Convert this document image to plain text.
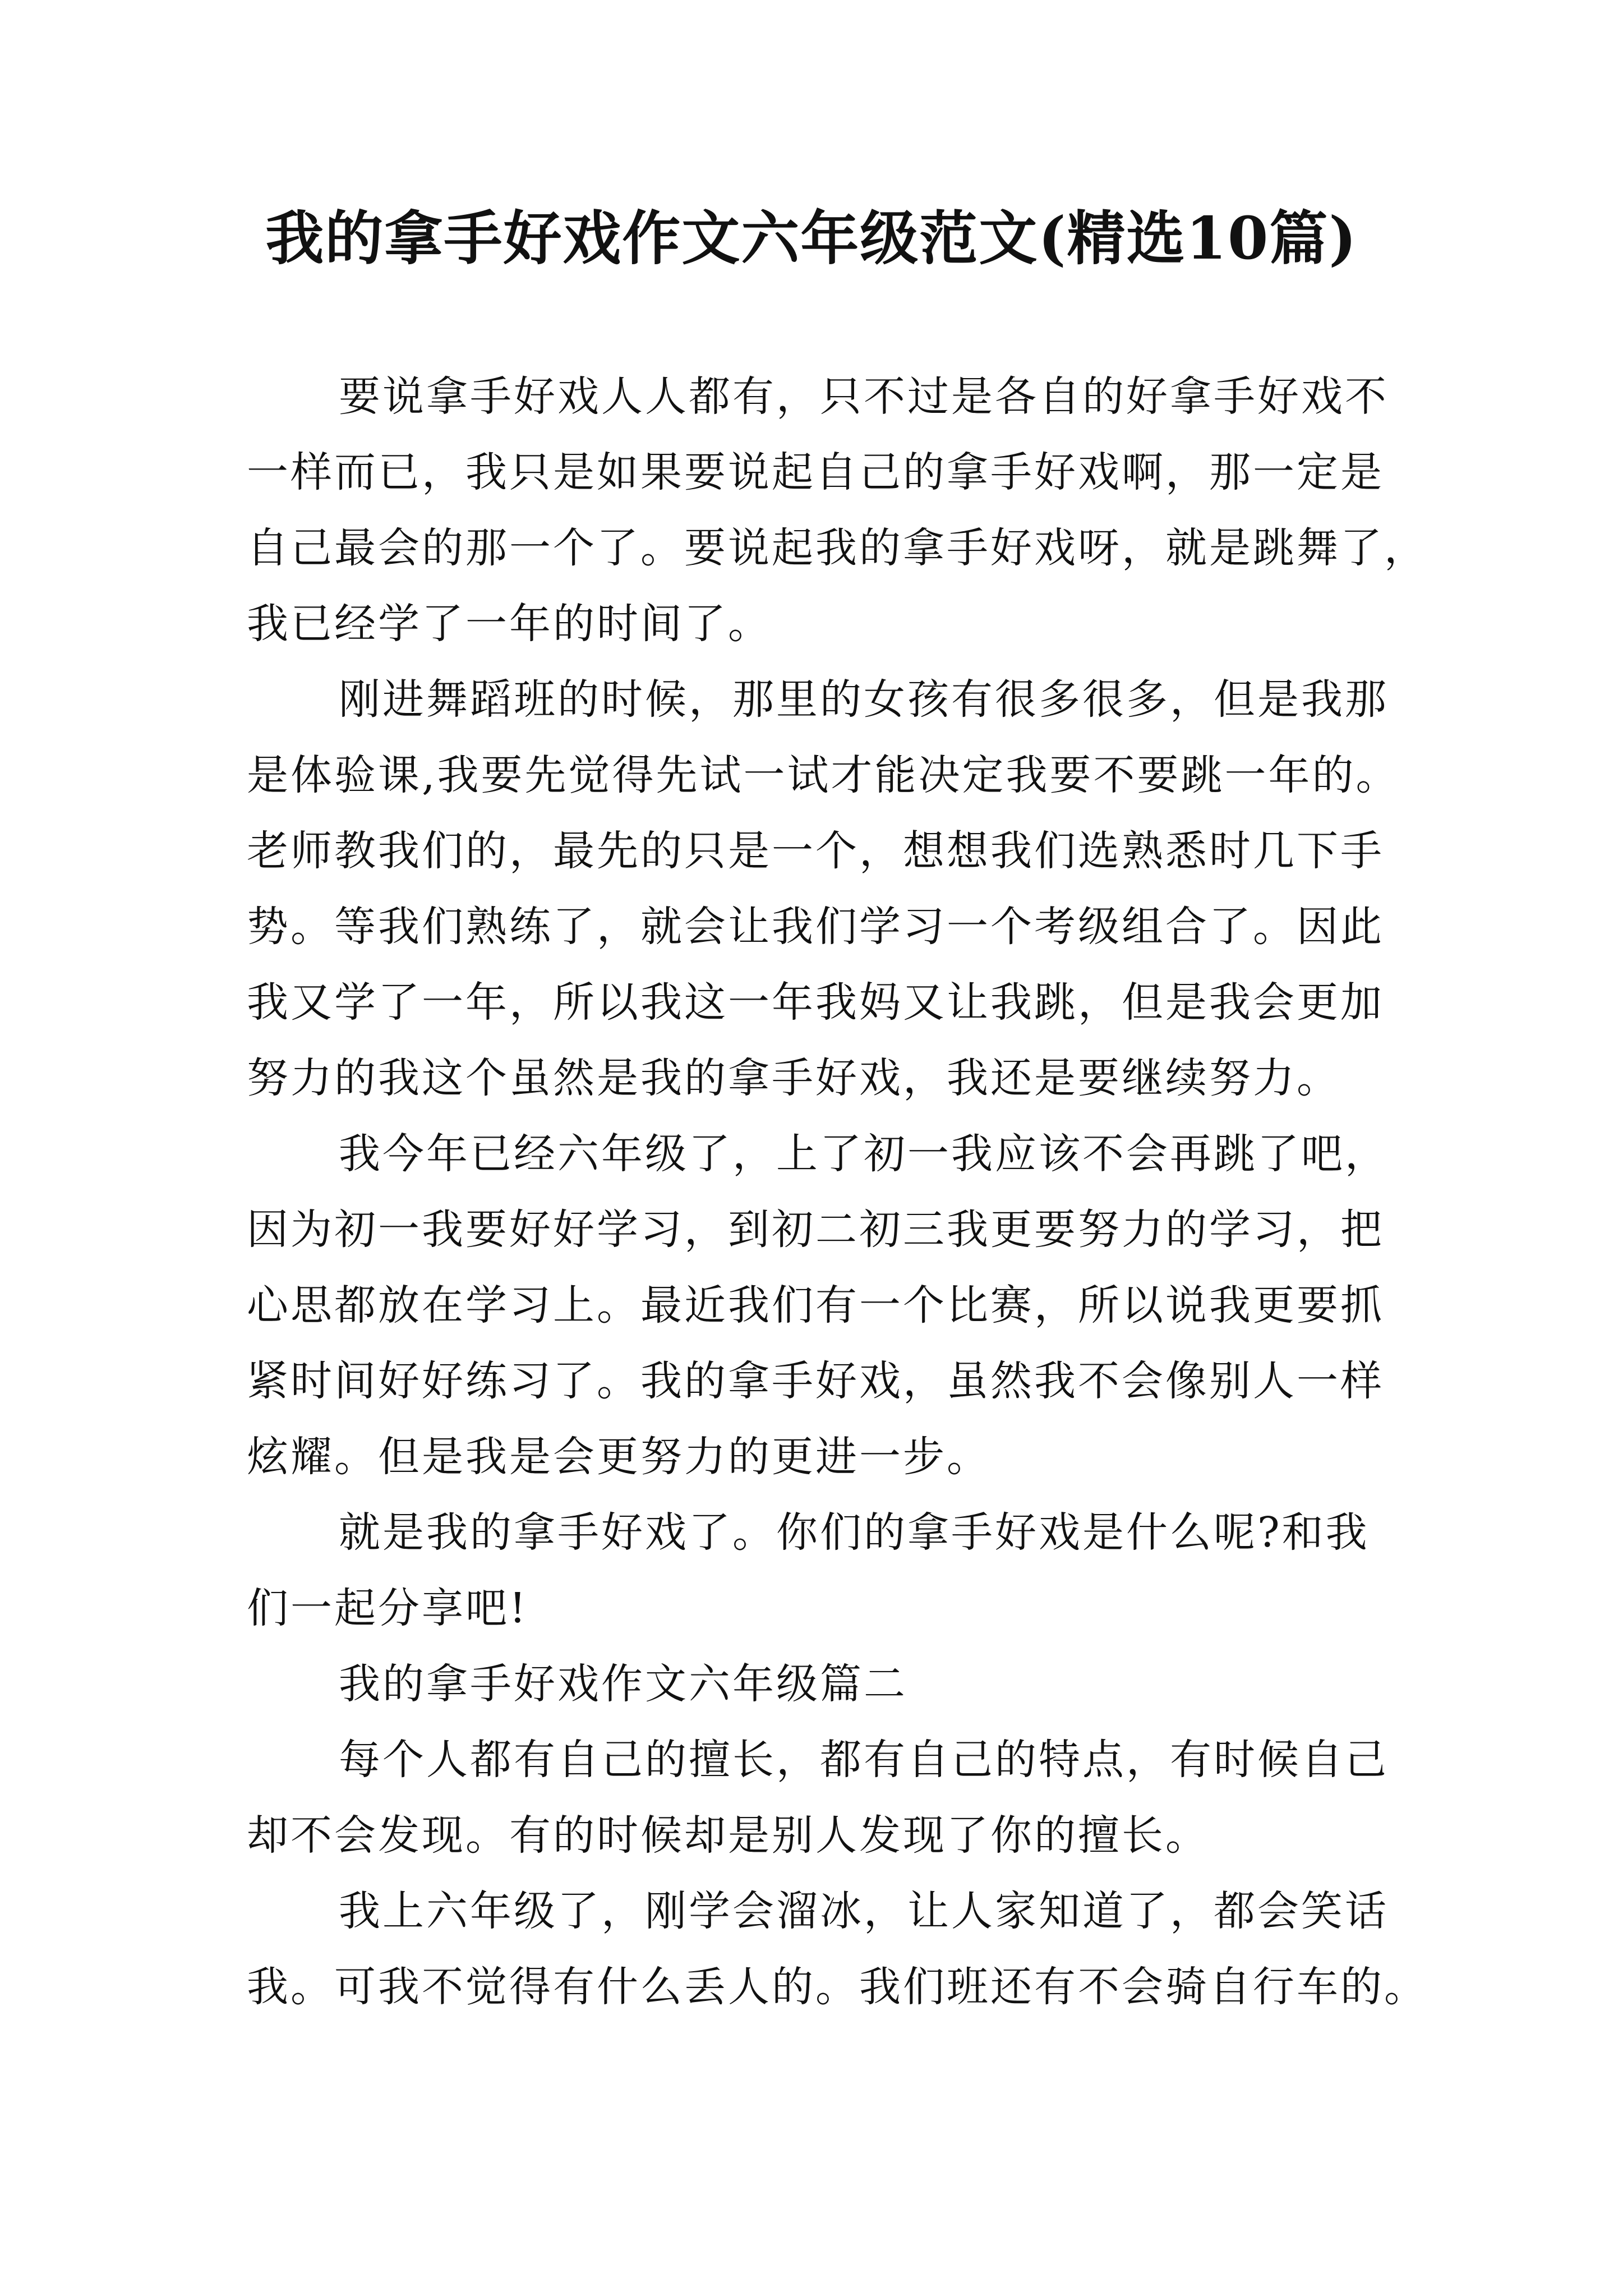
我的拿手好戏作文六年级范文(精选10篇)
要说拿手好戏人人都有，只不过是各自的好拿手好戏不
一样而已，我只是如果要说起自己的拿手好戏啊，那一定是
自己最会的那一个了。要说起我的拿手好戏呀，就是跳舞了，
我已经学了一年的时间了。
刚进舞蹈班的时候，那里的女孩有很多很多，但是我那
是体验课,我要先觉得先试一试才能决定我要不要跳一年的。
老师教我们的，最先的只是一个，想想我们选熟悉时几下手
势。等我们熟练了，就会让我们学习一个考级组合了。因此
我又学了一年，所以我这一年我妈又让我跳，但是我会更加
努力的我这个虽然是我的拿手好戏，我还是要继续努力。
我今年已经六年级了，上了初一我应该不会再跳了吧，
因为初一我要好好学习，到初二初三我更要努力的学习，把
心思都放在学习上。最近我们有一个比赛，所以说我更要抓
紧时间好好练习了。我的拿手好戏，虽然我不会像别人一样
炫耀。但是我是会更努力的更进一步。
就是我的拿手好戏了。你们的拿手好戏是什么呢?和我
们一起分享吧!
我的拿手好戏作文六年级篇二
每个人都有自己的擅长，都有自己的特点，有时候自己
却不会发现。有的时候却是别人发现了你的擅长。
我上六年级了，刚学会溜冰，让人家知道了，都会笑话
我。可我不觉得有什么丢人的。我们班还有不会骑自行车的。
